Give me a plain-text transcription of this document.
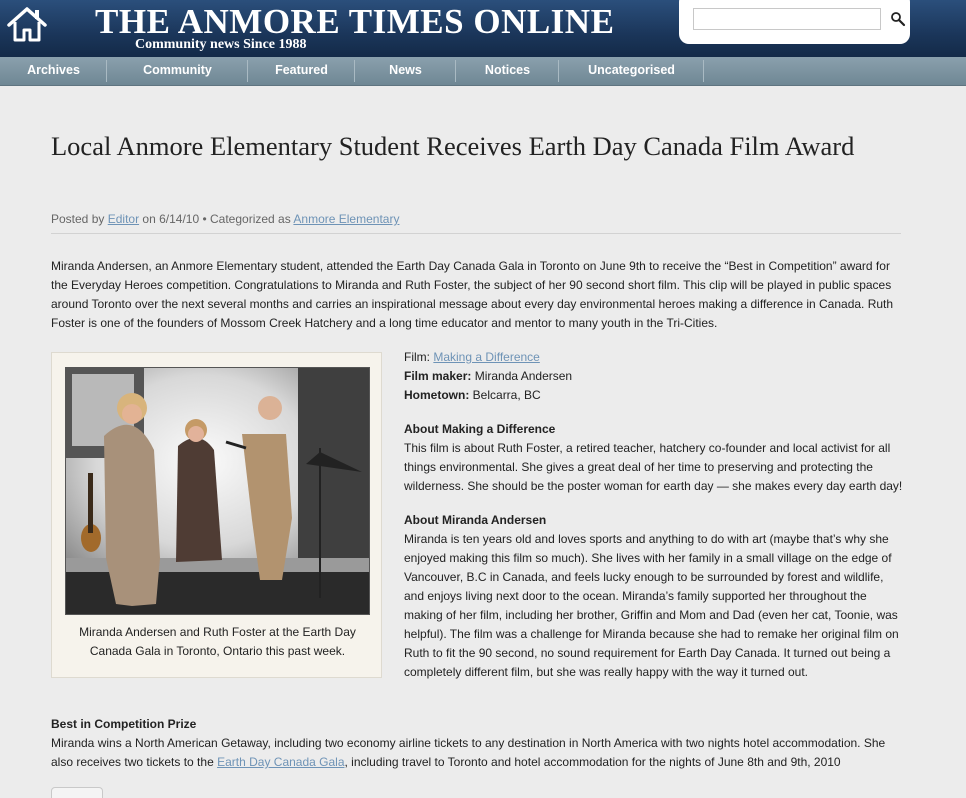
THE ANMORE TIMES ONLINE
Community news Since 1988
Archives	Community	Featured	News	Notices	Uncategorised
Local Anmore Elementary Student Receives Earth Day Canada Film Award
Posted by Editor on 6/14/10 • Categorized as Anmore Elementary

Miranda Andersen, an Anmore Elementary student, attended the Earth Day Canada Gala in Toronto on June 9th to receive the “Best in Competition” award for the Everyday Heroes competition. Congratulations to Miranda and Ruth Foster, the subject of her 90 second short film. This clip will be played in public spaces around Toronto over the next several months and carries an inspirational message about every day environmental heroes making a difference in Canada. Ruth Foster is one of the founders of Mossom Creek Hatchery and a long time educator and mentor to many youth in the Tri-Cities.

Miranda Andersen and Ruth Foster at the Earth Day Canada Gala in Toronto, Ontario this past week.

Film: Making a Difference

Film maker: Miranda Andersen

Hometown: Belcarra, BC

About Making a Difference

This film is about Ruth Foster, a retired teacher, hatchery co-founder and local activist for all things environmental. She gives a great deal of her time to preserving and protecting the wilderness. She should be the poster woman for earth day — she makes every day earth day!

About Miranda Andersen

Miranda is ten years old and loves sports and anything to do with art (maybe that’s why she enjoyed making this film so much). She lives with her family in a small village on the edge of Vancouver, B.C in Canada, and feels lucky enough to be surrounded by forest and wildlife, and enjoys living next door to the ocean. Miranda’s family supported her throughout the making of her film, including her brother, Griffin and Mom and Dad (even her cat, Toonie, was helpful). The film was a challenge for Miranda because she had to remake her original film on Ruth to fit the 90 second, no sound requirement for Earth Day Canada. It turned out being a completely different film, but she was really happy with the way it turned out.

Best in Competition Prize

Miranda wins a North American Getaway, including two economy airline tickets to any destination in North America with two nights hotel accommodation. She also receives two tickets to the Earth Day Canada Gala, including travel to Toronto and hotel accommodation for the nights of June 8th and 9th, 2010
